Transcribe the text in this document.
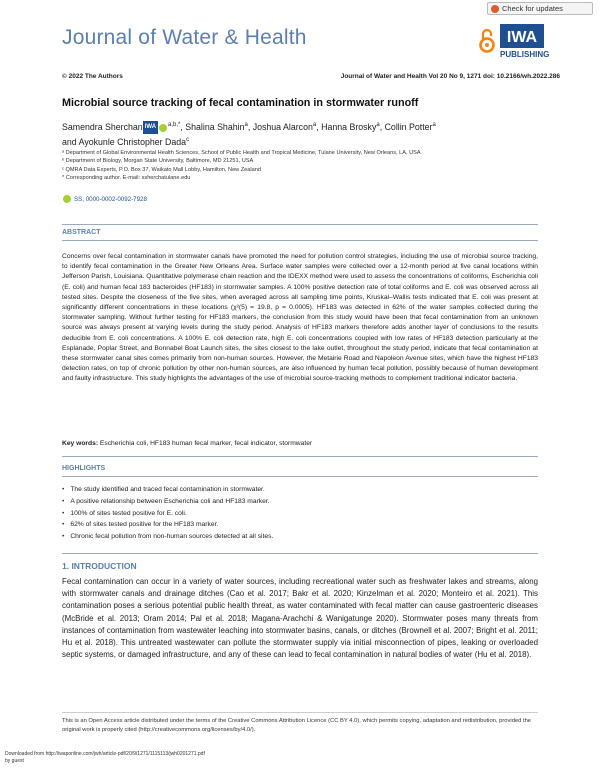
Journal of Water & Health
Check for updates
IWA
PUBLISHING
© 2022 The Authors	Journal of Water and Health Vol 20 No 9, 1271 doi: 10.2166/wh.2022.286
Microbial source tracking of fecal contamination in stormwater runoff
Samendra Sherchan IWA $^{a,b,*}$, Shalina Shahin$^a$, Joshua Alarcon$^a$, Hanna Brosky$^a$, Collin Potter$^a$
and Ayokunle Christopher Dada$^c$
ᵃ Department of Global Environmental Health Sciences, School of Public Health and Tropical Medicine, Tulane University, New Orleans, LA, USA
ᵇ Department of Biology, Morgan State University, Baltimore, MD 21251, USA
ᶜ QMRA Data Experts, P.O. Box 37, Waikato Mall Lobby, Hamilton, New Zealand
* Corresponding author. E-mail: ssherchatulane.edu
SS, 0000-0002-0092-7928
ABSTRACT
Concerns over fecal contamination in stormwater canals have promoted the need for pollution control strategies, including the use of microbial source tracking, to identify fecal contamination in the Greater New Orleans Area. Surface water samples were collected over a 12-month period at five canal locations within Jefferson Parish, Louisiana. Quantitative polymerase chain reaction and the IDEXX method were used to assess the concentrations of coliforms, Escherichia coli (E. coli) and human fecal 183 bacteroides (HF183) in stormwater samples. A 100% positive detection rate of total coliforms and E. coli was observed across all tested sites. Despite the closeness of the five sites, when averaged across all sampling time points, Kruskal–Wallis tests indicated that E. coli was present at significantly different concentrations in these locations (χ²(5) = 19.8, p = 0.0005). HF183 was detected in 62% of the water samples collected during the stormwater sampling. Without further testing for HF183 markers, the conclusion from this study would have been that fecal contamination from an unknown source was always present at varying levels during the study period. Analysis of HF183 markers therefore adds another layer of conclusions to the results deducible from E. coli concentrations. A 100% E. coli detection rate, high E. coli concentrations coupled with low rates of HF183 detection particularly at the Esplanade, Poplar Street, and Bonnabel Boat Launch sites, the sites closest to the lake outlet, throughout the study period, indicate that fecal contamination at these stormwater canal sites comes primarily from non-human sources. However, the Metairie Road and Napoleon Avenue sites, which have the highest HF183 detection rates, on top of chronic pollution by other non-human sources, are also influenced by human fecal pollution, possibly because of human development and faulty infrastructure. This study highlights the advantages of the use of microbial source-tracking methods to complement traditional indicator bacteria.
Key words: Escherichia coli, HF183 human fecal marker, fecal indicator, stormwater
HIGHLIGHTS
• The study identified and traced fecal contamination in stormwater.
• A positive relationship between Escherichia coli and HF183 marker.
• 100% of sites tested positive for E. coli.
• 62% of sites tested positive for the HF183 marker.
• Chronic fecal pollution from non-human sources detected at all sites.
1. INTRODUCTION
Fecal contamination can occur in a variety of water sources, including recreational water such as freshwater lakes and streams, along with stormwater canals and drainage ditches (Cao et al. 2017; Bakr et al. 2020; Kinzelman et al. 2020; Monteiro et al. 2021). This contamination poses a serious potential public health threat, as water contaminated with fecal matter can cause gastroenteric diseases (McBride et al. 2013; Oram 2014; Pal et al. 2018; Magana-Arachchi & Wanigatunge 2020). Stormwater poses many threats from instances of contamination from wastewater leaching into stormwater basins, canals, or ditches (Brownell et al. 2007; Bright et al. 2011; Hu et al. 2018). This untreated wastewater can pollute the stormwater supply via initial misconnection of pipes, leaking or overloaded septic systems, or damaged infrastructure, and any of these can lead to fecal contamination in natural bodies of water (Hu et al. 2018).
This is an Open Access article distributed under the terms of the Creative Commons Attribution Licence (CC BY 4.0), which permits copying, adaptation and redistribution, provided the original work is properly cited (http://creativecommons.org/licenses/by/4.0/).
Downloaded from http://iwaponline.com/jwh/article-pdf/20/9/1271/1115113/jwh0201271.pdf
by guest
